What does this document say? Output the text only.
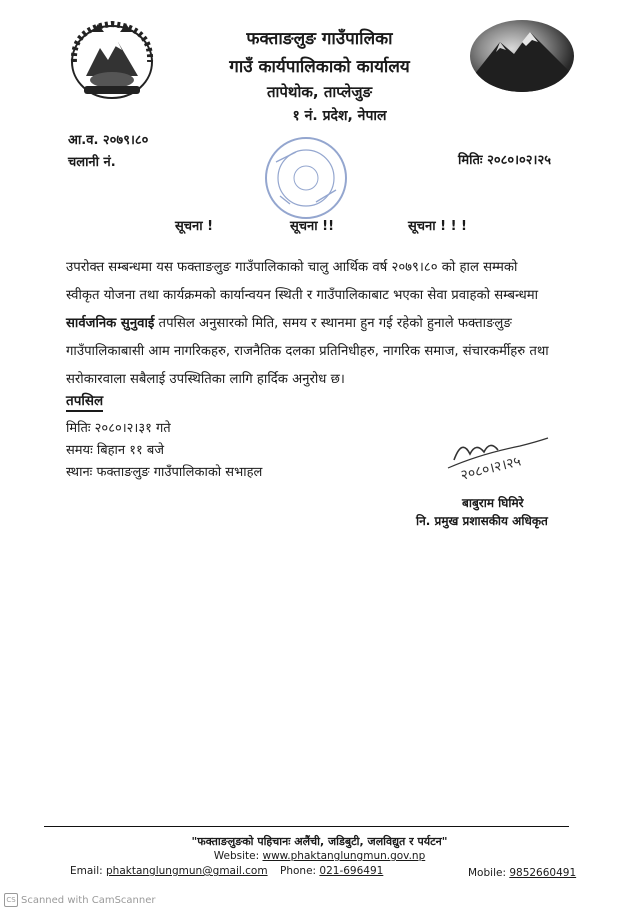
फक्ताङलुङ गाउँपालिका
गाउँ कार्यपालिकाको कार्यालय
तापेथोक, ताप्लेजुङ
१ नं. प्रदेश, नेपाल
आ.व. २०७९।८०
चलानी नं.	मितिः २०८०।०२।२५
सूचना !	सूचना !!	सूचना ! ! !
उपरोक्त सम्बन्धमा यस फक्ताङलुङ गाउँपालिकाको चालु आर्थिक वर्ष २०७९।८० को हाल सम्मको
स्वीकृत योजना तथा कार्यक्रमको कार्यान्वयन स्थिती र गाउँपालिकाबाट भएका सेवा प्रवाहको सम्बन्धमा
सार्वजनिक सुनुवाई तपसिल अनुसारको मिति, समय र स्थानमा हुन गई रहेको हुनाले फक्ताङलुङ
गाउँपालिकाबासी आम नागरिकहरु, राजनैतिक दलका प्रतिनिधीहरु, नागरिक समाज, संचारकर्मीहरु तथा
सरोकारवाला सबैलाई उपस्थितिका लागि हार्दिक अनुरोध छ।
तपसिल
मितिः २०८०।२।३१ गते
समयः बिहान ११ बजे
स्थानः फक्ताङलुङ गाउँपालिकाको सभाहल	२०८०।२।२५
बाबुराम घिमिरे
नि. प्रमुख प्रशासकीय अधिकृत
"फक्ताङलुङको पहिचानः अलैंची, जडिबुटी, जलविद्युत र पर्यटन"
Website: www.phaktanglungmun.gov.np
Email: phaktanglungmun@gmail.com Phone: 021-696491	Mobile: 9852660491
CS Scanned with CamScanner
